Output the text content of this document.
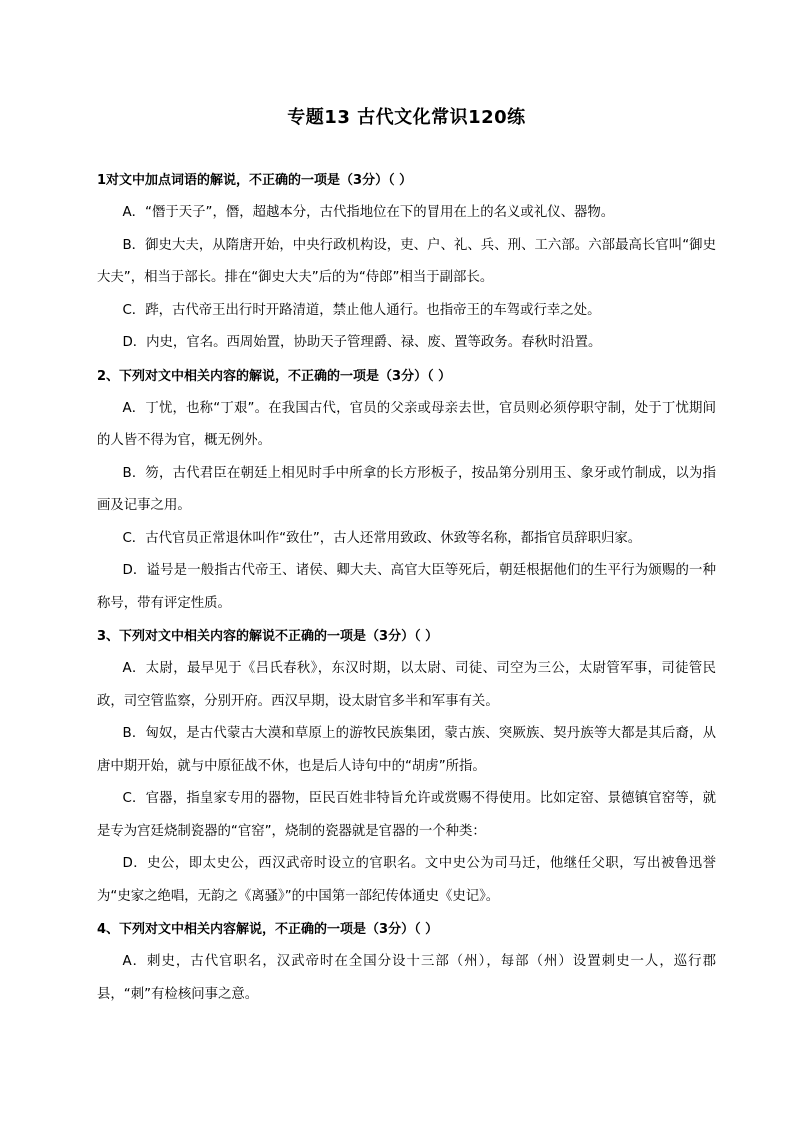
专题13 古代文化常识120练
1对文中加点词语的解说，不正确的一项是（3分）（ ）
A．“僭于天子”，僭，超越本分，古代指地位在下的冒用在上的名义或礼仪、器物。
B．御史大夫，从隋唐开始，中央行政机构设，吏、户、礼、兵、刑、工六部。六部最高长官叫“御史大夫”，相当于部长。排在“御史大夫”后的为“侍郎”相当于副部长。
C．跸，古代帝王出行时开路清道，禁止他人通行。也指帝王的车驾或行幸之处。
D．内史，官名。西周始置，协助天子管理爵、禄、废、置等政务。春秋时沿置。
2、下列对文中相关内容的解说，不正确的一项是（3分）（ ）
A．丁忧，也称“丁艰”。在我国古代，官员的父亲或母亲去世，官员则必须停职守制，处于丁忧期间的人皆不得为官，概无例外。
B．笏，古代君臣在朝廷上相见时手中所拿的长方形板子，按品第分别用玉、象牙或竹制成，以为指画及记事之用。
C．古代官员正常退休叫作“致仕”，古人还常用致政、休致等名称，都指官员辞职归家。
D．谥号是一般指古代帝王、诸侯、卿大夫、高官大臣等死后，朝廷根据他们的生平行为颁赐的一种称号，带有评定性质。
3、下列对文中相关内容的解说不正确的一项是（3分）（ ）
A．太尉，最早见于《吕氏春秋》，东汉时期，以太尉、司徒、司空为三公，太尉管军事，司徒管民政，司空管监察，分别开府。西汉早期，设太尉官多半和军事有关。
B．匈奴，是古代蒙古大漠和草原上的游牧民族集团，蒙古族、突厥族、契丹族等大都是其后裔，从唐中期开始，就与中原征战不休，也是后人诗句中的“胡虏”所指。
C．官器，指皇家专用的器物，臣民百姓非特旨允许或赏赐不得使用。比如定窑、景德镇官窑等，就是专为宫廷烧制瓷器的“官窑”，烧制的瓷器就是官器的一个种类：
D．史公，即太史公，西汉武帝时设立的官职名。文中史公为司马迁，他继任父职，写出被鲁迅誉为“史家之绝唱，无韵之《离骚》”的中国第一部纪传体通史《史记》。
4、下列对文中相关内容解说，不正确的一项是（3分）（ ）
A．刺史，古代官职名，汉武帝时在全国分设十三部（州），每部（州）设置刺史一人，巡行郡县，“刺”有检核问事之意。
